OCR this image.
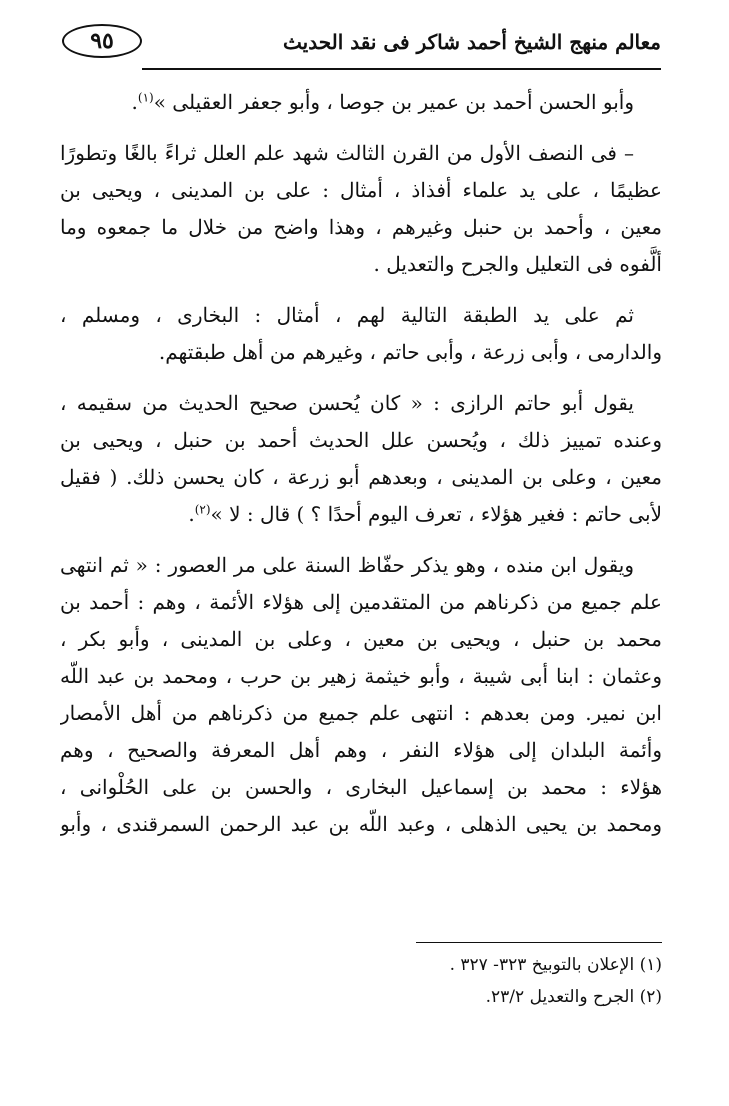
معالم منهج الشيخ أحمد شاكر فى نقد الحديث
٩٥
وأبو الحسن أحمد بن عمير بن جوصا ، وأبو جعفر العقيلى »$^{(١)}$.
– فى النصف الأول من القرن الثالث شهد علم العلل ثراءً بالغًا وتطورًا
عظيمًا ، على يد علماء أفذاذ ، أمثال : على بن المدينى ، ويحيى بن
معين ، وأحمد بن حنبل وغيرهم ، وهذا واضح من خلال ما جمعوه وما
ألَّفوه فى التعليل والجرح والتعديل .
ثم على يد الطبقة التالية لهم ، أمثال : البخارى ، ومسلم ،
والدارمى ، وأبى زرعة ، وأبى حاتم ، وغيرهم من أهل طبقتهم.
يقول أبو حاتم الرازى : « كان يُحسن صحيح الحديث من سقيمه ،
وعنده تمييز ذلك ، ويُحسن علل الحديث أحمد بن حنبل ، ويحيى بن
معين ، وعلى بن المدينى ، وبعدهم أبو زرعة ، كان يحسن ذلك. ( فقيل
لأبى حاتم : فغير هؤلاء ، تعرف اليوم أحدًا ؟ ) قال : لا »$^{(٢)}$.
ويقول ابن منده ، وهو يذكر حفّاظ السنة على مر العصور : « ثم انتهى
علم جميع من ذكرناهم من المتقدمين إلى هؤلاء الأئمة ، وهم : أحمد بن
محمد بن حنبل ، ويحيى بن معين ، وعلى بن المدينى ، وأبو بكر ،
وعثمان : ابنا أبى شيبة ، وأبو خيثمة زهير بن حرب ، ومحمد بن عبد اللّه
ابن نمير. ومن بعدهم : انتهى علم جميع من ذكرناهم من أهل الأمصار
وأئمة البلدان إلى هؤلاء النفر ، وهم أهل المعرفة والصحيح ، وهم
هؤلاء : محمد بن إسماعيل البخارى ، والحسن بن على الحُلْوانى ،
ومحمد بن يحيى الذهلى ، وعبد اللّه بن عبد الرحمن السمرقندى ، وأبو
(١) الإعلان بالتوبيخ ٣٢٣- ٣٢٧ .
(٢) الجرح والتعديل ٢٣/٢.
